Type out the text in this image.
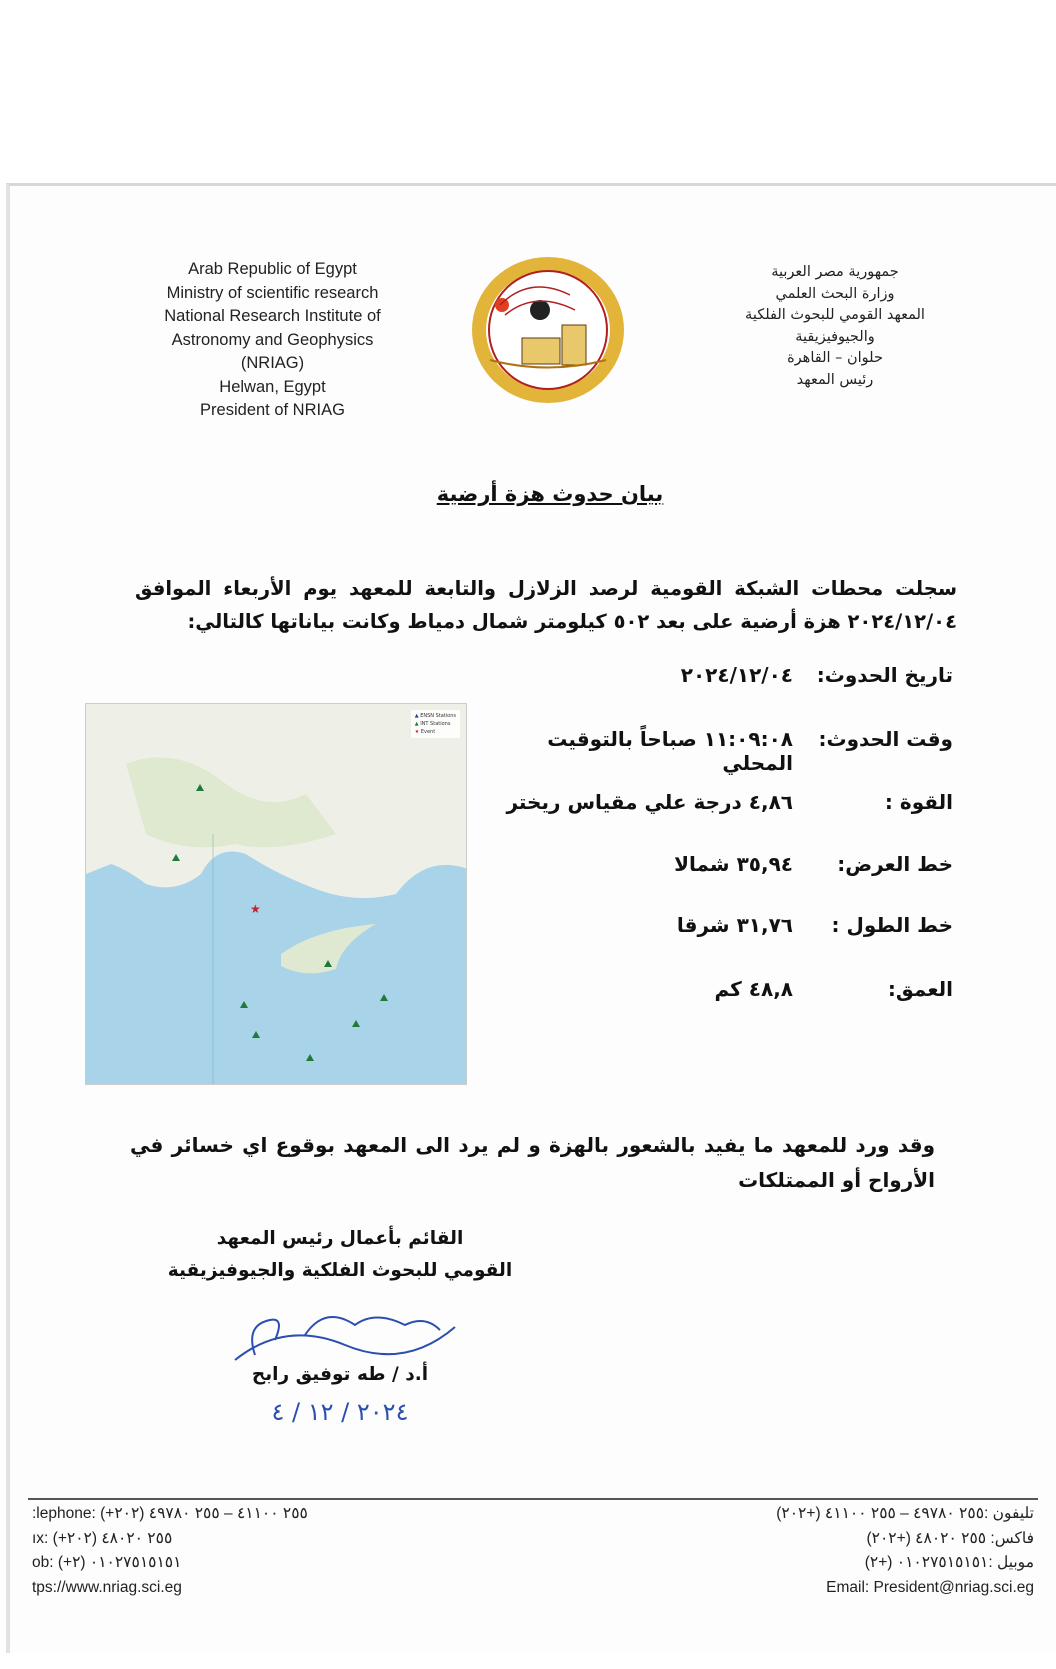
Arab Republic of Egypt
Ministry of scientific research
National Research Institute of
Astronomy and Geophysics
(NRIAG)
Helwan, Egypt
President of NRIAG
جمهورية مصر العربية
وزارة البحث العلمي
المعهد القومي للبحوث الفلكية
والجيوفيزيقية
حلوان – القاهرة
رئيس المعهد
بيان حدوث هزة أرضية
سجلت محطات الشبكة القومية لرصد الزلازل والتابعة للمعهد يوم الأربعاء الموافق ٢٠٢٤/١٢/٠٤ هزة أرضية على بعد ٥٠٢ كيلومتر شمال دمياط وكانت بياناتها كالتالي:
تاريخ الحدوث:
٢٠٢٤/١٢/٠٤
وقت الحدوث:
١١:٠٩:٠٨ صباحاً بالتوقيت المحلي
القوة :
٤,٨٦ درجة علي مقياس ريختر
خط العرض:
٣٥,٩٤ شمالا
خط الطول :
٣١,٧٦ شرقا
العمق:
٤٨,٨ كم
★
▲ ENSN Stations
▲ INT Stations
★ Event
وقد ورد للمعهد ما يفيد بالشعور بالهزة و لم يرد الى المعهد بوقوع اي خسائر في الأرواح أو الممتلكات
القائم بأعمال رئيس المعهد
القومي للبحوث الفلكية والجيوفيزيقية
أ.د / طه توفيق رابح
٢٠٢٤ / ١٢ / ٤
:lephone: (+٢٠٢) ٢٥٥ ٤١١٠٠ – ٢٥٥ ٤٩٧٨٠
ıx: (+٢٠٢) ٢٥٥ ٤٨٠٢٠
ob: (+٢) ٠١٠٢٧٥١٥١٥١
tps://www.nriag.sci.eg
تليفون :٢٥٥ ٤٩٧٨٠ – ٢٥٥ ٤١١٠٠ (+٢٠٢)
فاكس: ٢٥٥ ٤٨٠٢٠ (+٢٠٢)
موبيل :٠١٠٢٧٥١٥١٥١ (+٢)
Email: President@nriag.sci.eg
